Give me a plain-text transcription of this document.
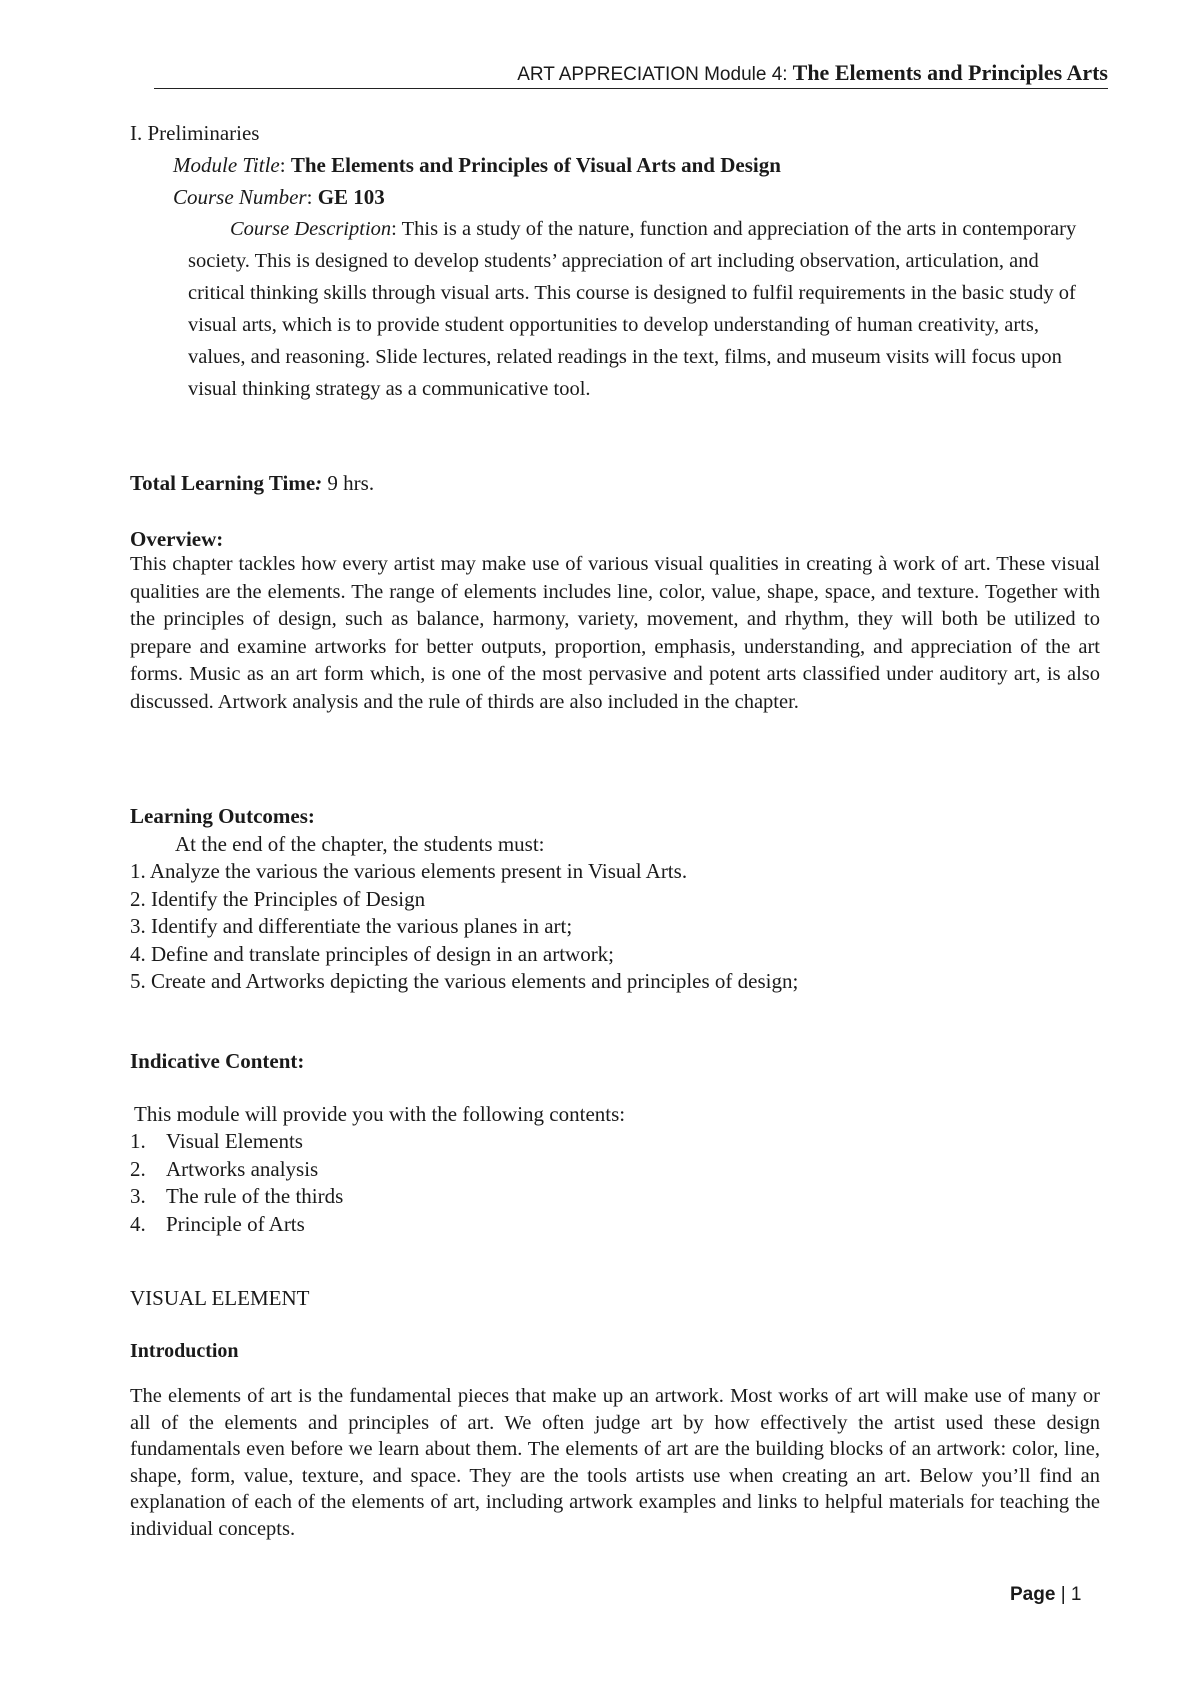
ART APPRECIATION Module 4: The Elements and Principles Arts
I. Preliminaries
Module Title: The Elements and Principles of Visual Arts and Design
Course Number: GE 103
Course Description: This is a study of the nature, function and appreciation of the arts in contemporary society. This is designed to develop students’ appreciation of art including observation, articulation, and critical thinking skills through visual arts. This course is designed to fulfil requirements in the basic study of visual arts, which is to provide student opportunities to develop understanding of human creativity, arts, values, and reasoning. Slide lectures, related readings in the text, films, and museum visits will focus upon visual thinking strategy as a communicative tool.
Total Learning Time: 9 hrs.
Overview:
This chapter tackles how every artist may make use of various visual qualities in creating à work of art. These visual qualities are the elements. The range of elements includes line, color, value, shape, space, and texture. Together with the principles of design, such as balance, harmony, variety, movement, and rhythm, they will both be utilized to prepare and examine artworks for better outputs, proportion, emphasis, understanding, and appreciation of the art forms. Music as an art form which, is one of the most pervasive and potent arts classified under auditory art, is also discussed. Artwork analysis and the rule of thirds are also included in the chapter.
Learning Outcomes:
At the end of the chapter, the students must:
1. Analyze the various the various elements present in Visual Arts.
2. Identify the Principles of Design
3. Identify and differentiate the various planes in art;
4. Define and translate principles of design in an artwork;
5. Create and Artworks depicting the various elements and principles of design;
Indicative Content:
This module will provide you with the following contents:
1. Visual Elements
2. Artworks analysis
3. The rule of the thirds
4. Principle of Arts
VISUAL ELEMENT
Introduction
The elements of art is the fundamental pieces that make up an artwork. Most works of art will make use of many or all of the elements and principles of art. We often judge art by how effectively the artist used these design fundamentals even before we learn about them. The elements of art are the building blocks of an artwork: color, line, shape, form, value, texture, and space. They are the tools artists use when creating an art. Below you’ll find an explanation of each of the elements of art, including artwork examples and links to helpful materials for teaching the individual concepts.
Page | 1
